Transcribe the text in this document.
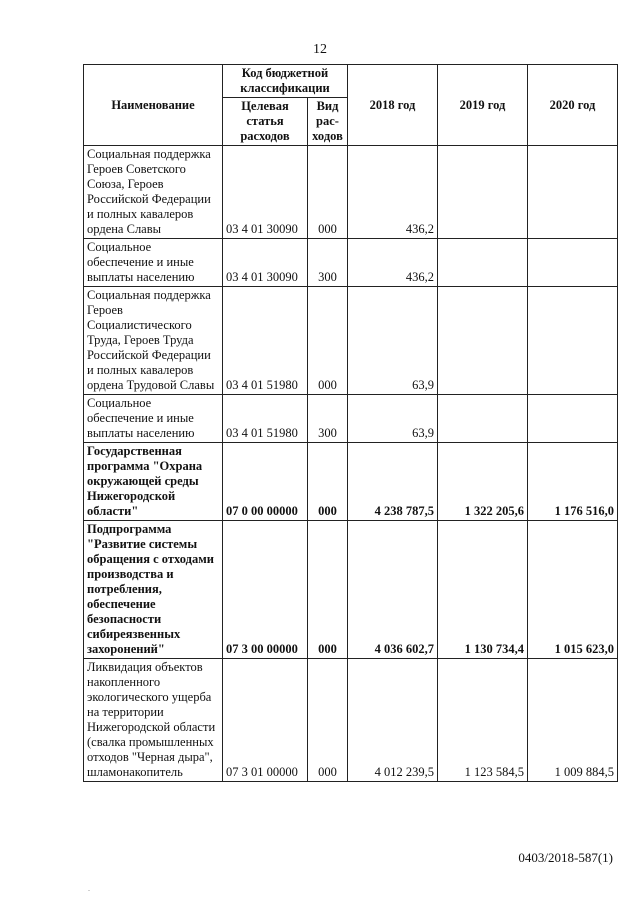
12
Наименование	Код бюджетной классификации		2018 год	2019 год	2020 год
	Целевая статья расходов	Вид рас-ходов			
Социальная поддержка Героев Советского Союза, Героев Российской Федерации и полных кавалеров ордена Славы	03 4 01 30090	000	436,2		
Социальное обеспечение и иные выплаты населению	03 4 01 30090	300	436,2		
Социальная поддержка Героев Социалистического Труда, Героев Труда Российской Федерации и полных кавалеров ордена Трудовой Славы	03 4 01 51980	000	63,9		
Социальное обеспечение и иные выплаты населению	03 4 01 51980	300	63,9		
Государственная программа "Охрана окружающей среды Нижегородской области"	07 0 00 00000	000	4 238 787,5	1 322 205,6	1 176 516,0
Подпрограмма "Развитие системы обращения с отходами производства и потребления, обеспечение безопасности сибиреязвенных захоронений"	07 3 00 00000	000	4 036 602,7	1 130 734,4	1 015 623,0
Ликвидация объектов накопленного экологического ущерба на территории Нижегородской области (свалка промышленных отходов "Черная дыра", шламонакопитель	07 3 01 00000	000	4 012 239,5	1 123 584,5	1 009 884,5
0403/2018-587(1)
.
